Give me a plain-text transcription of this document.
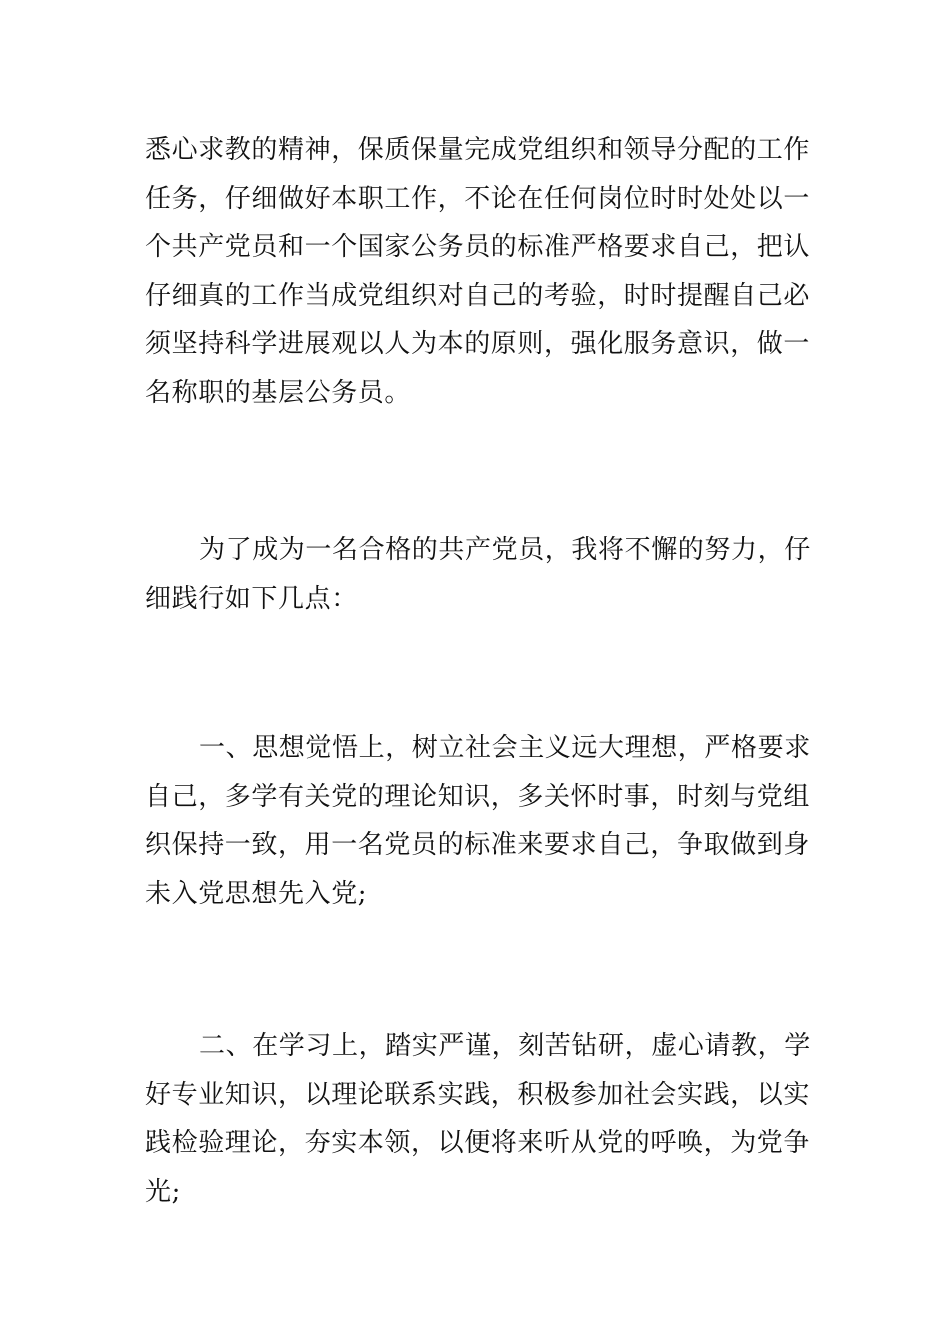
悉心求教的精神，保质保量完成党组织和领导分配的工作
任务，仔细做好本职工作，不论在任何岗位时时处处以一
个共产党员和一个国家公务员的标准严格要求自己，把认
仔细真的工作当成党组织对自己的考验，时时提醒自己必
须坚持科学进展观以人为本的原则，强化服务意识，做一
名称职的基层公务员。

为了成为一名合格的共产党员，我将不懈的努力，仔
细践行如下几点：

一、思想觉悟上，树立社会主义远大理想，严格要求
自己，多学有关党的理论知识，多关怀时事，时刻与党组
织保持一致，用一名党员的标准来要求自己，争取做到身
未入党思想先入党;

二、在学习上，踏实严谨，刻苦钻研，虚心请教，学
好专业知识，以理论联系实践，积极参加社会实践，以实
践检验理论，夯实本领，以便将来听从党的呼唤，为党争
光;
